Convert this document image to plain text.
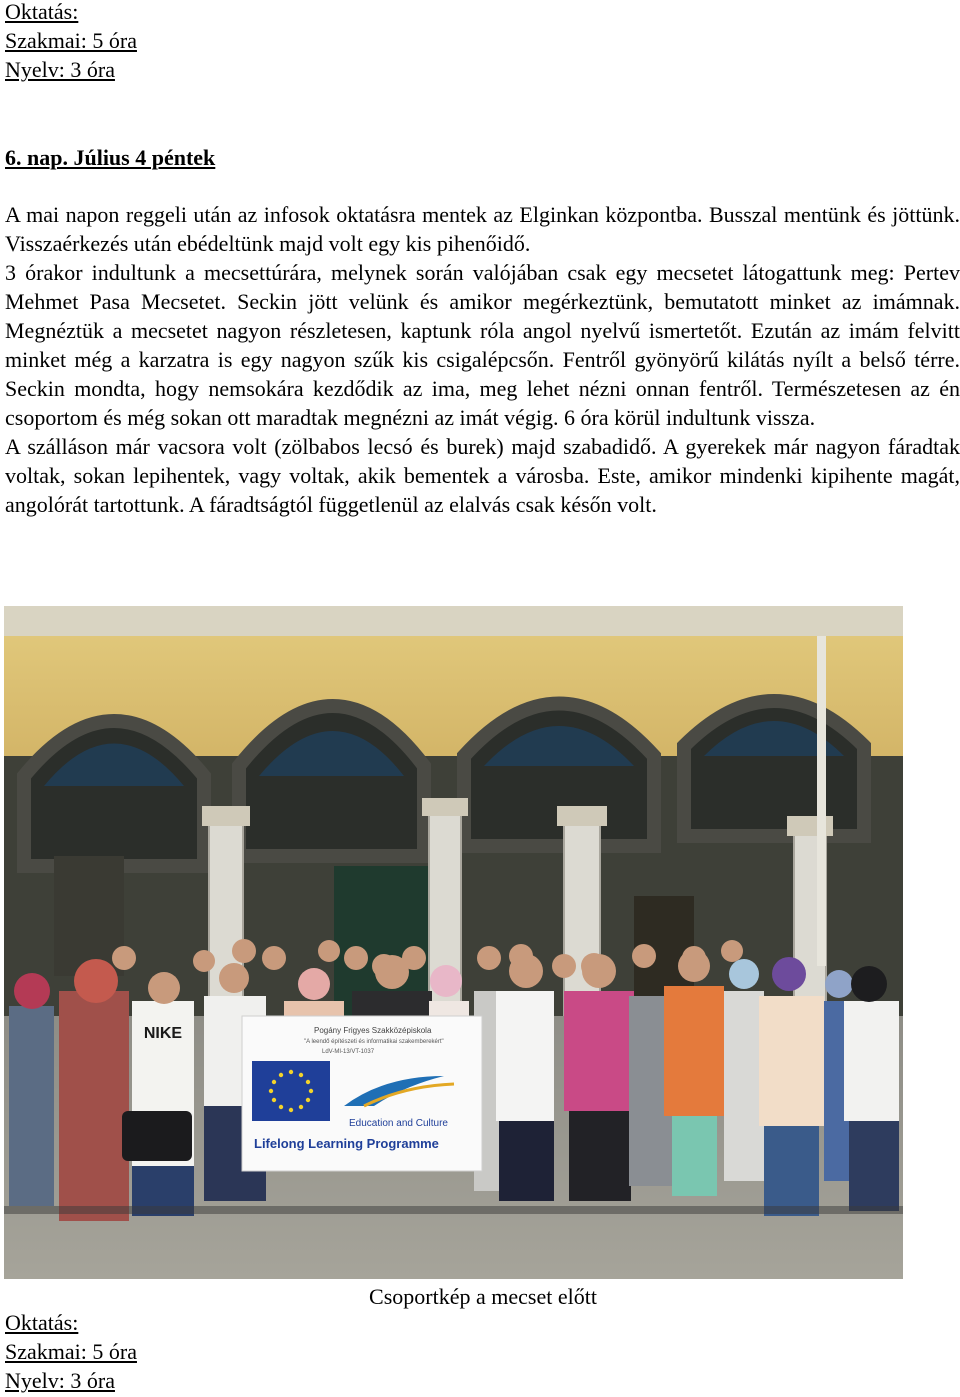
Oktatás:
Szakmai: 5 óra
Nyelv: 3 óra
6. nap. Július 4 péntek

A mai napon reggeli után az infosok oktatásra mentek az Elginkan központba. Busszal mentünk és jöttünk. Visszaérkezés után ebédeltünk majd volt egy kis pihenőidő.

3 órakor indultunk a mecsettúrára, melynek során valójában csak egy mecsetet látogattunk meg: Pertev Mehmet Pasa Mecsetet. Seckin jött velünk és amikor megérkeztünk, bemutatott minket az imámnak. Megnéztük a mecsetet nagyon részletesen, kaptunk róla angol nyelvű ismertetőt. Ezután az imám felvitt minket még a karzatra is egy nagyon szűk kis csigalépcsőn. Fentről gyönyörű kilátás nyílt a belső térre. Seckin mondta, hogy nemsokára kezdődik az ima, meg lehet nézni onnan fentről. Természetesen az én csoportom és még sokan ott maradtak megnézni az imát végig. 6 óra körül indultunk vissza.

A szálláson már vacsora volt (zölbabos lecsó és burek) majd szabadidő. A gyerekek már nagyon fáradtak voltak, sokan lepihentek, vagy voltak, akik bementek a városba. Este, amikor mindenki kipihente magát, angolórát tartottunk. A fáradtságtól függetlenül az elalvás csak későn volt.

NIKE	Pogány Frigyes Szakközépiskola
"A leendő építészeti és informatikai szakemberekért"
LdV-MI-13/VT-1037
Education and Culture
Lifelong Learning Programme
Csoportkép a mecset előtt
Oktatás:
Szakmai: 5 óra
Nyelv: 3 óra
